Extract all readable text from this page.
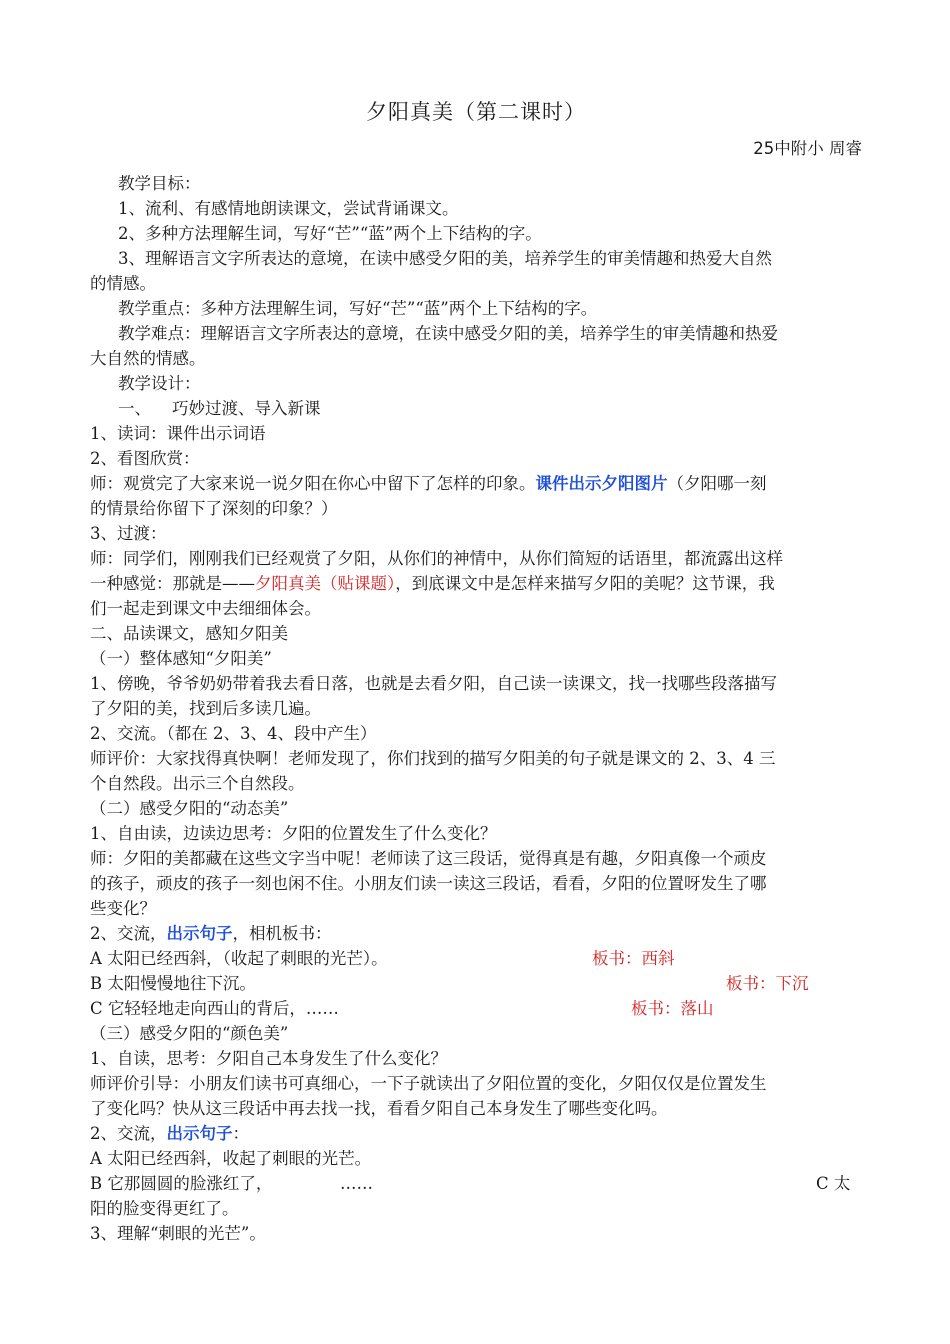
夕阳真美（第二课时）
25中附小 周睿
教学目标：
1、流利、有感情地朗读课文，尝试背诵课文。
2、多种方法理解生词，写好“芒”“蓝”两个上下结构的字。
3、理解语言文字所表达的意境，在读中感受夕阳的美，培养学生的审美情趣和热爱大自然
的情感。
教学重点：多种方法理解生词，写好“芒”“蓝”两个上下结构的字。
教学难点：理解语言文字所表达的意境，在读中感受夕阳的美，培养学生的审美情趣和热爱
大自然的情感。
教学设计：
一、    巧妙过渡、导入新课
1、读词：课件出示词语
2、看图欣赏：
师：观赏完了大家来说一说夕阳在你心中留下了怎样的印象。课件出示夕阳图片（夕阳哪一刻
的情景给你留下了深刻的印象？）
3、过渡：
师：同学们，刚刚我们已经观赏了夕阳，从你们的神情中，从你们简短的话语里，都流露出这样
一种感觉：那就是——夕阳真美（贴课题），到底课文中是怎样来描写夕阳的美呢？这节课，我
们一起走到课文中去细细体会。
二、品读课文，感知夕阳美
（一）整体感知“夕阳美”
1、傍晚，爷爷奶奶带着我去看日落，也就是去看夕阳，自己读一读课文，找一找哪些段落描写
了夕阳的美，找到后多读几遍。
2、交流。（都在 2、3、4、段中产生）
师评价：大家找得真快啊！老师发现了，你们找到的描写夕阳美的句子就是课文的 2、3、4 三
个自然段。出示三个自然段。
（二）感受夕阳的“动态美”
1、自由读，边读边思考：夕阳的位置发生了什么变化？
师：夕阳的美都藏在这些文字当中呢！老师读了这三段话，觉得真是有趣，夕阳真像一个顽皮
的孩子，顽皮的孩子一刻也闲不住。小朋友们读一读这三段话，看看，夕阳的位置呀发生了哪
些变化？
2、交流，出示句子，相机板书：
A 太阳已经西斜，（收起了刺眼的光芒）。	板书：西斜
B 太阳慢慢地往下沉。	板书：下沉
C 它轻轻地走向西山的背后，……	板书：落山
（三）感受夕阳的“颜色美”
1、自读，思考：夕阳自己本身发生了什么变化？
师评价引导：小朋友们读书可真细心，一下子就读出了夕阳位置的变化，夕阳仅仅是位置发生
了变化吗？快从这三段话中再去找一找，看看夕阳自己本身发生了哪些变化吗。
2、交流，出示句子：
A 太阳已经西斜，收起了刺眼的光芒。
B 它那圆圆的脸涨红了，	……	C 太
阳的脸变得更红了。
3、理解“刺眼的光芒”。
